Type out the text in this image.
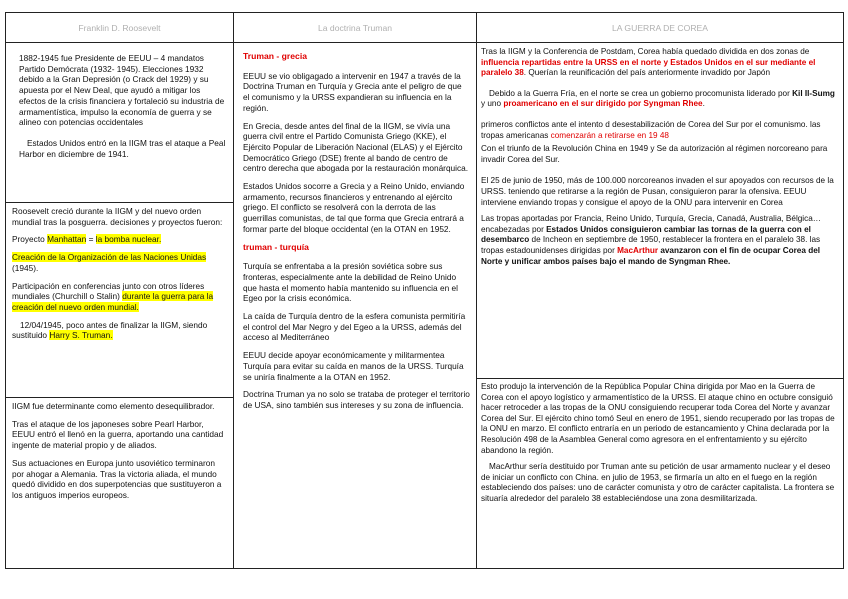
Franklin D. Roosevelt	La doctrina Truman	LA GUERRA DE COREA

1882-1945 fue Presidente de EEUU – 4 mandatos Partido Demócrata (1932- 1945). Elecciones 1932 debido a la Gran Depresión (o Crack del 1929) y su apuesta por el New Deal, que ayudó a mitigar los efectos de la crisis financiera y fortaleció su industria de armamentística, impulso la economía de guerra y se alineo con potencias occidentales

Estados Unidos entró en la IIGM tras el ataque a Peal Harbor en diciembre de 1941.

Roosevelt creció durante la IIGM y del nuevo orden mundial tras la posguerra. decisiones y proyectos fueron:

Proyecto Manhattan = la bomba nuclear.

Creación de la Organización de las Naciones Unidas (1945).

Participación en conferencias junto con otros líderes mundiales (Churchill o Stalin) durante la guerra para la creación del nuevo orden mundial.

12/04/1945, poco antes de finalizar la IIGM, siendo sustituido Harry S. Truman.

IIGM fue determinante como elemento desequilibrador.

Tras el ataque de los japoneses sobre Pearl Harbor, EEUU entró el llenó en la guerra, aportando una cantidad ingente de material propio y de aliados.

Sus actuaciones en Europa junto usoviético terminaron por ahogar a Alemania. Tras la victoria aliada, el mundo quedó dividido en dos superpotencias que sustituyeron a los antiguos imperios europeos.

Truman - grecia

EEUU se vio obligagado a intervenir en 1947 a través de la Doctrina Truman en Turquía y Grecia ante el peligro de que el comunismo y la URSS expandieran su influencia en la región.

En Grecia, desde antes del final de la IIGM, se vivía una guerra civil entre el Partido Comunista Griego (KKE), el Ejército Popular de Liberación Nacional (ELAS) y el Ejército Democrático Griego (DSE) frente al bando de centro de centro derecha que abogada por la restauración monárquica.

Estados Unidos socorre a Grecia y a Reino Unido, enviando armamento, recursos financieros y entrenando al ejército griego. El conflicto se resolverá con la derrota de las guerrillas comunistas, de tal que forma que Grecia entrará a formar parte del bloque occidental (en la OTAN en 1952.

truman - turquía

Turquía se enfrentaba a la presión soviética sobre sus fronteras, especialmente ante la debilidad de Reino Unido que hasta el momento había mantenido su influencia en el Egeo por la crisis económica.

La caída de Turquía dentro de la esfera comunista permitiría el control del Mar Negro y del Egeo a la URSS, además del acceso al Mediterráneo

EEUU decide apoyar económicamente y militarmentea Turquía para evitar su caída en manos de la URSS. Turquía se uniría finalmente a la OTAN en 1952.

Doctrina Truman ya no solo se trataba de proteger el territorio de USA, sino también sus intereses y su zona de influencia.

Tras la IIGM y la Conferencia de Postdam, Corea había quedado dividida en dos zonas de influencia repartidas entre la URSS en el norte y Estados Unidos en el sur mediante el paralelo 38. Querían la reunificación del país anteriormente invadido por Japón

Debido a la Guerra Fría, en el norte se crea un gobierno procomunista liderado por Kil Il-Sumg y uno proamericano en el sur dirigido por Syngman Rhee.

primeros conflictos ante el intento d desestabilización de Corea del Sur por el comunismo. las tropas americanas comenzarán a retirarse en 19 48

Con el triunfo de la Revolución China en 1949 y Se da autorización al régimen norcoreano para invadir Corea del Sur.

El 25 de junio de 1950, más de 100.000 norcoreanos invaden el sur apoyados con recursos de la URSS. teniendo que retirarse a la región de Pusan, consiguieron parar la ofensiva. EEUU interviene enviando tropas y consigue el apoyo de la ONU para intervenir en Corea

Las tropas aportadas por Francia, Reino Unido, Turquía, Grecia, Canadá, Australia, Bélgica… encabezadas por Estados Unidos consiguieron cambiar las tornas de la guerra con el desembarco de Incheon en septiembre de 1950, restablecer la frontera en el paralelo 38. las tropas estadounidenses dirigidas por MacArthur avanzaron con el fin de ocupar Corea del Norte y unificar ambos países bajo el mando de Syngman Rhee.

Esto produjo la intervención de la República Popular China dirigida por Mao en la Guerra de Corea con el apoyo logístico y armamentístico de la URSS. El ataque chino en octubre consiguió hacer retroceder a las tropas de la ONU consiguiendo recuperar toda Corea del Norte y avanzar Corea del Sur. El ejército chino tomó Seul en enero de 1951, siendo recuperado por las tropas de la ONU en marzo. El conflicto entraría en un periodo de estancamiento y China declarada por la Resolución 498 de la Asamblea General como agresora en el enfrentamiento y su ejército abandono la región.

MacArthur sería destituido por Truman ante su petición de usar armamento nuclear y el deseo de iniciar un conflicto con China. en julio de 1953, se firmaría un alto en el fuego en la región estableciendo dos países: uno de carácter comunista y otro de carácter capitalista. La frontera se situaría alrededor del paralelo 38 estableciéndose una zona desmilitarizada.
